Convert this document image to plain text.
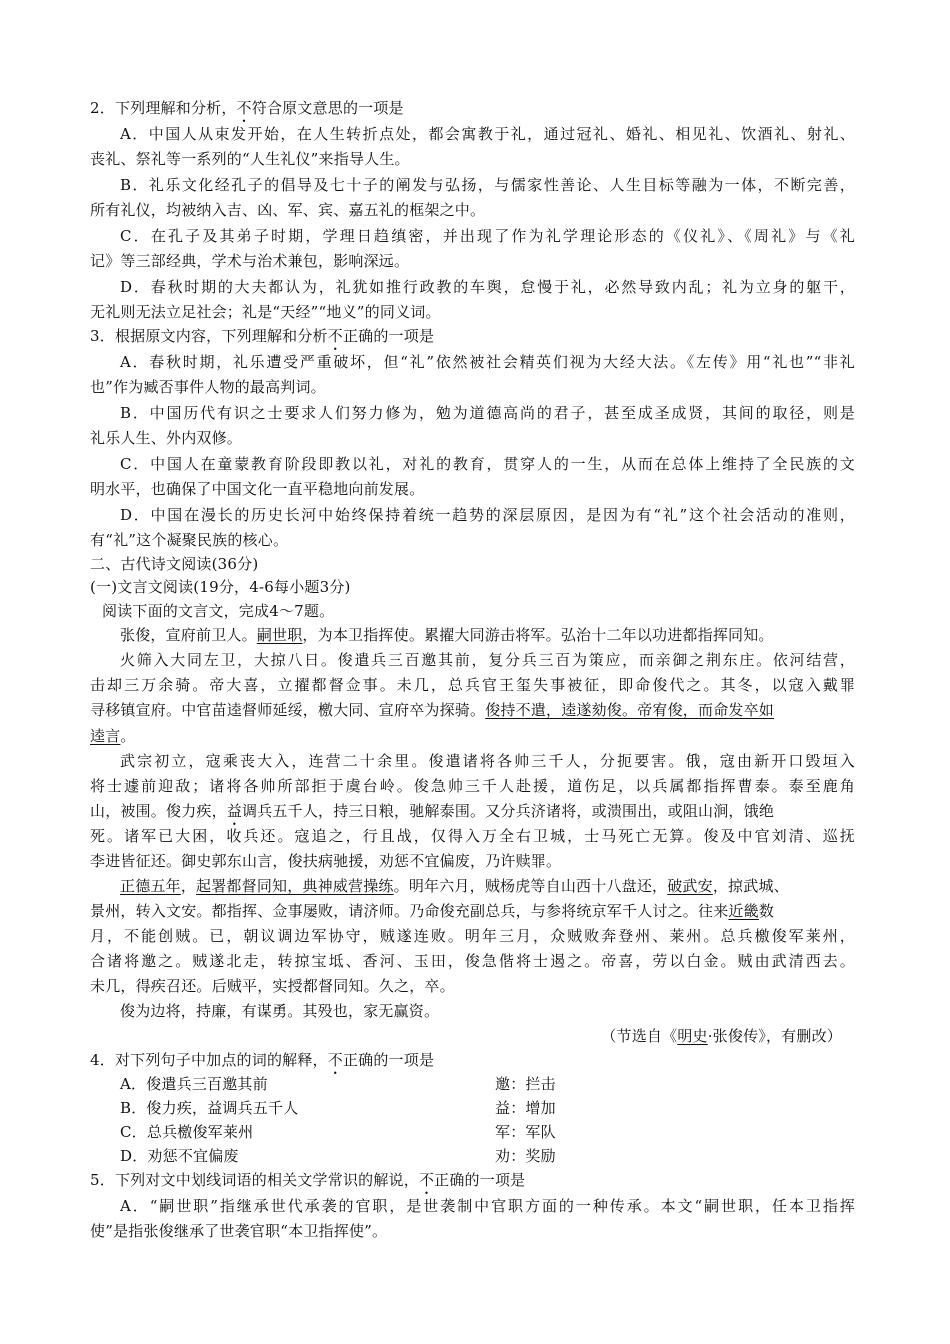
2．下列理解和分析，不符合原文意思的一项是
A．中国人从束发开始，在人生转折点处，都会寓教于礼，通过冠礼、婚礼、相见礼、饮酒礼、射礼、
丧礼、祭礼等一系列的“人生礼仪”来指导人生。
B．礼乐文化经孔子的倡导及七十子的阐发与弘扬，与儒家性善论、人生目标等融为一体，不断完善，
所有礼仪，均被纳入吉、凶、军、宾、嘉五礼的框架之中。
C．在孔子及其弟子时期，学理日趋缜密，并出现了作为礼学理论形态的《仪礼》、《周礼》与《礼
记》等三部经典，学术与治术兼包，影响深远。
D．春秋时期的大夫都认为，礼犹如推行政教的车舆，怠慢于礼，必然导致内乱；礼为立身的躯干，
无礼则无法立足社会；礼是“天经”“地义”的同义词。
3．根据原文内容，下列理解和分析不正确的一项是
A．春秋时期，礼乐遭受严重破坏，但“礼”依然被社会精英们视为大经大法。《左传》用“礼也”“非礼
也”作为臧否事件人物的最高判词。
B．中国历代有识之士要求人们努力修为，勉为道德高尚的君子，甚至成圣成贤，其间的取径，则是
礼乐人生、外内双修。
C．中国人在童蒙教育阶段即教以礼，对礼的教育，贯穿人的一生，从而在总体上维持了全民族的文
明水平，也确保了中国文化一直平稳地向前发展。
D．中国在漫长的历史长河中始终保持着统一趋势的深层原因，是因为有“礼”这个社会活动的准则，
有“礼”这个凝聚民族的核心。
二、古代诗文阅读(36分)
(一)文言文阅读(19分，4-6每小题3分)
阅读下面的文言文，完成4～7题。
张俊，宣府前卫人。嗣世职，为本卫指挥使。累擢大同游击将军。弘治十二年以功进都指挥同知。
火筛入大同左卫，大掠八日。俊遣兵三百邀其前，复分兵三百为策应，而亲御之荆东庄。依河结营，
击却三万余骑。帝大喜，立擢都督佥事。未几，总兵官王玺失事被征，即命俊代之。其冬，以寇入戴罪
寻移镇宣府。中官苗逵督师延绥，檄大同、宣府卒为探骑。俊持不遣，逵遂劾俊。帝宥俊，而命发卒如
逵言。
武宗初立，寇乘丧大入，连营二十余里。俊遣诸将各帅三千人，分扼要害。俄，寇由新开口毁垣入
将士遽前迎敌；诸将各帅所部拒于虞台岭。俊急帅三千人赴援，道伤足，以兵属都指挥曹泰。泰至鹿角
山，被围。俊力疾，益调兵五千人，持三日粮，驰解泰围。又分兵济诸将，或溃围出，或阻山涧，饿绝
死。诸军已大困，收兵还。寇追之，行且战，仅得入万全右卫城，士马死亡无算。俊及中官刘清、巡抚
李进皆征还。御史郭东山言，俊扶病驰援，劝惩不宜偏废，乃许赎罪。
正德五年，起署都督同知，典神威营操练。明年六月，贼杨虎等自山西十八盘还，破武安，掠武城、
景州，转入文安。都指挥、佥事屡败，请济师。乃命俊充副总兵，与参将统京军千人讨之。往来近畿数
月，不能创贼。已，朝议调边军协守，贼遂连败。明年三月，众贼败奔登州、莱州。总兵檄俊军莱州，
合诸将邀之。贼遂北走，转掠宝坻、香河、玉田，俊急偕将士遏之。帝喜，劳以白金。贼由武清西去。
未几，得疾召还。后贼平，实授都督同知。久之，卒。
俊为边将，持廉，有谋勇。其殁也，家无赢资。
（节选自《明史·张俊传》，有删改）
4．对下列句子中加点的词的解释，不正确的一项是
A．俊遣兵三百邀其前	邀：拦击
B．俊力疾，益调兵五千人	益：增加
C．总兵檄俊军莱州	军：军队
D．劝惩不宜偏废	劝：奖励
5．下列对文中划线词语的相关文学常识的解说，不正确的一项是
A．“嗣世职”指继承世代承袭的官职，是世袭制中官职方面的一种传承。本文“嗣世职，任本卫指挥
使”是指张俊继承了世袭官职“本卫指挥使”。
